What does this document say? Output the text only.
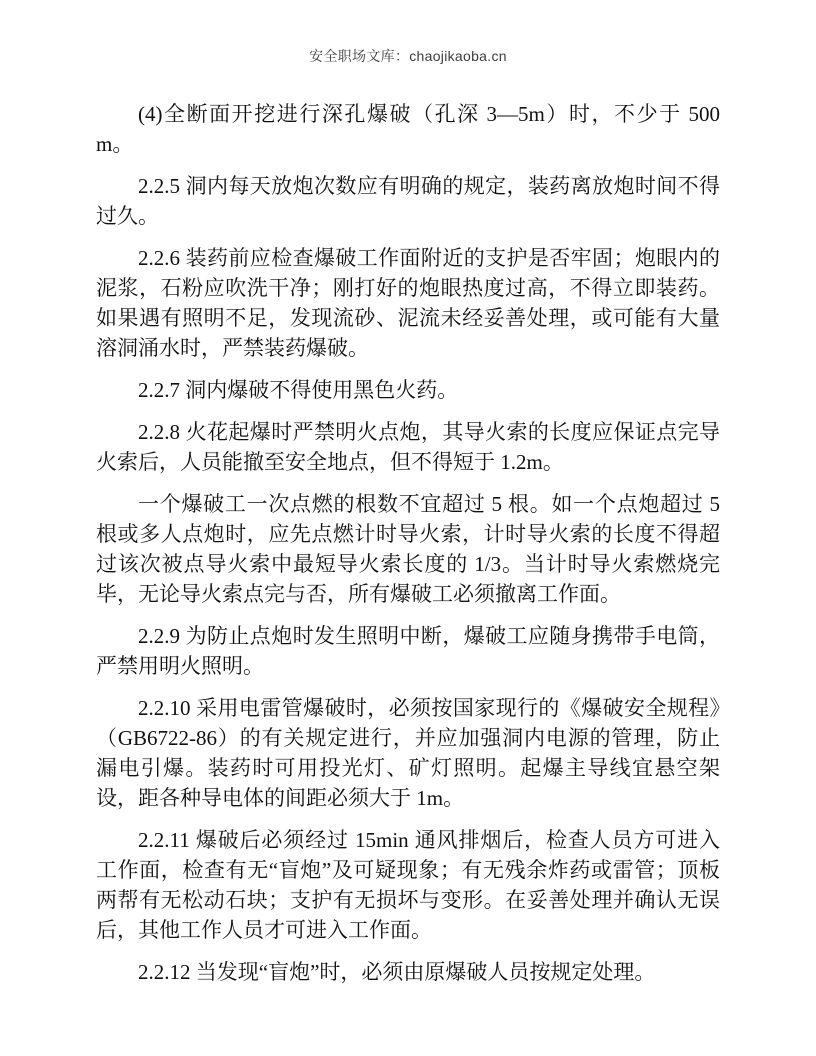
安全职场文库：chaojikaoba.cn

(4)全断面开挖进行深孔爆破（孔深 3—5m）时，不少于 500m。

2.2.5 洞内每天放炮次数应有明确的规定，装药离放炮时间不得过久。

2.2.6 装药前应检查爆破工作面附近的支护是否牢固；炮眼内的泥浆，石粉应吹洗干净；刚打好的炮眼热度过高，不得立即装药。如果遇有照明不足，发现流砂、泥流未经妥善处理，或可能有大量溶洞涌水时，严禁装药爆破。

2.2.7 洞内爆破不得使用黑色火药。

2.2.8 火花起爆时严禁明火点炮，其导火索的长度应保证点完导火索后，人员能撤至安全地点，但不得短于 1.2m。

一个爆破工一次点燃的根数不宜超过 5 根。如一个点炮超过 5 根或多人点炮时，应先点燃计时导火索，计时导火索的长度不得超过该次被点导火索中最短导火索长度的 1/3。当计时导火索燃烧完毕，无论导火索点完与否，所有爆破工必须撤离工作面。

2.2.9 为防止点炮时发生照明中断，爆破工应随身携带手电筒，严禁用明火照明。

2.2.10 采用电雷管爆破时，必须按国家现行的《爆破安全规程》（GB6722-86）的有关规定进行，并应加强洞内电源的管理，防止漏电引爆。装药时可用投光灯、矿灯照明。起爆主导线宜悬空架设，距各种导电体的间距必须大于 1m。

2.2.11 爆破后必须经过 15min 通风排烟后，检查人员方可进入工作面，检查有无“盲炮”及可疑现象；有无残余炸药或雷管；顶板两帮有无松动石块；支护有无损坏与变形。在妥善处理并确认无误后，其他工作人员才可进入工作面。

2.2.12 当发现“盲炮”时，必须由原爆破人员按规定处理。
